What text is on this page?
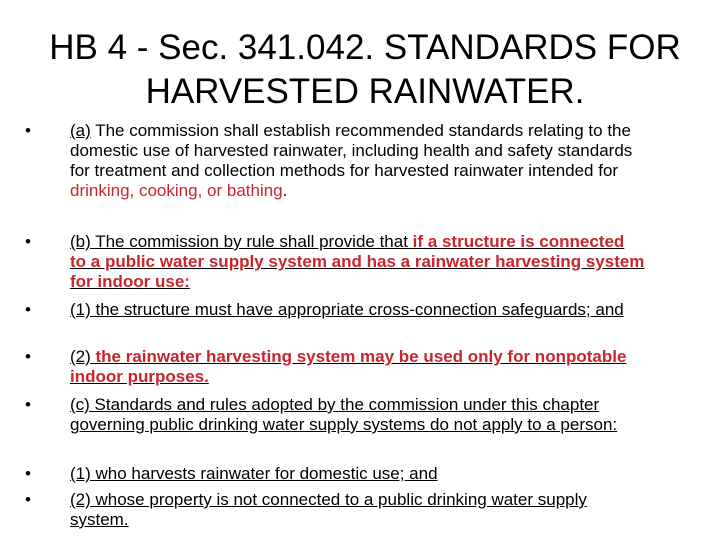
HB 4 - Sec. 341.042. STANDARDS FOR
HARVESTED RAINWATER.
• (a) The commission shall establish recommended standards relating to the domestic use of harvested rainwater, including health and safety standards for treatment and collection methods for harvested rainwater intended for drinking, cooking, or bathing.
• (b) The commission by rule shall provide that if a structure is connected to a public water supply system and has a rainwater harvesting system for indoor use:
• (1) the structure must have appropriate cross-connection safeguards; and
• (2) the rainwater harvesting system may be used only for nonpotable indoor purposes.
• (c) Standards and rules adopted by the commission under this chapter governing public drinking water supply systems do not apply to a person:
• (1) who harvests rainwater for domestic use; and
• (2) whose property is not connected to a public drinking water supply system.
